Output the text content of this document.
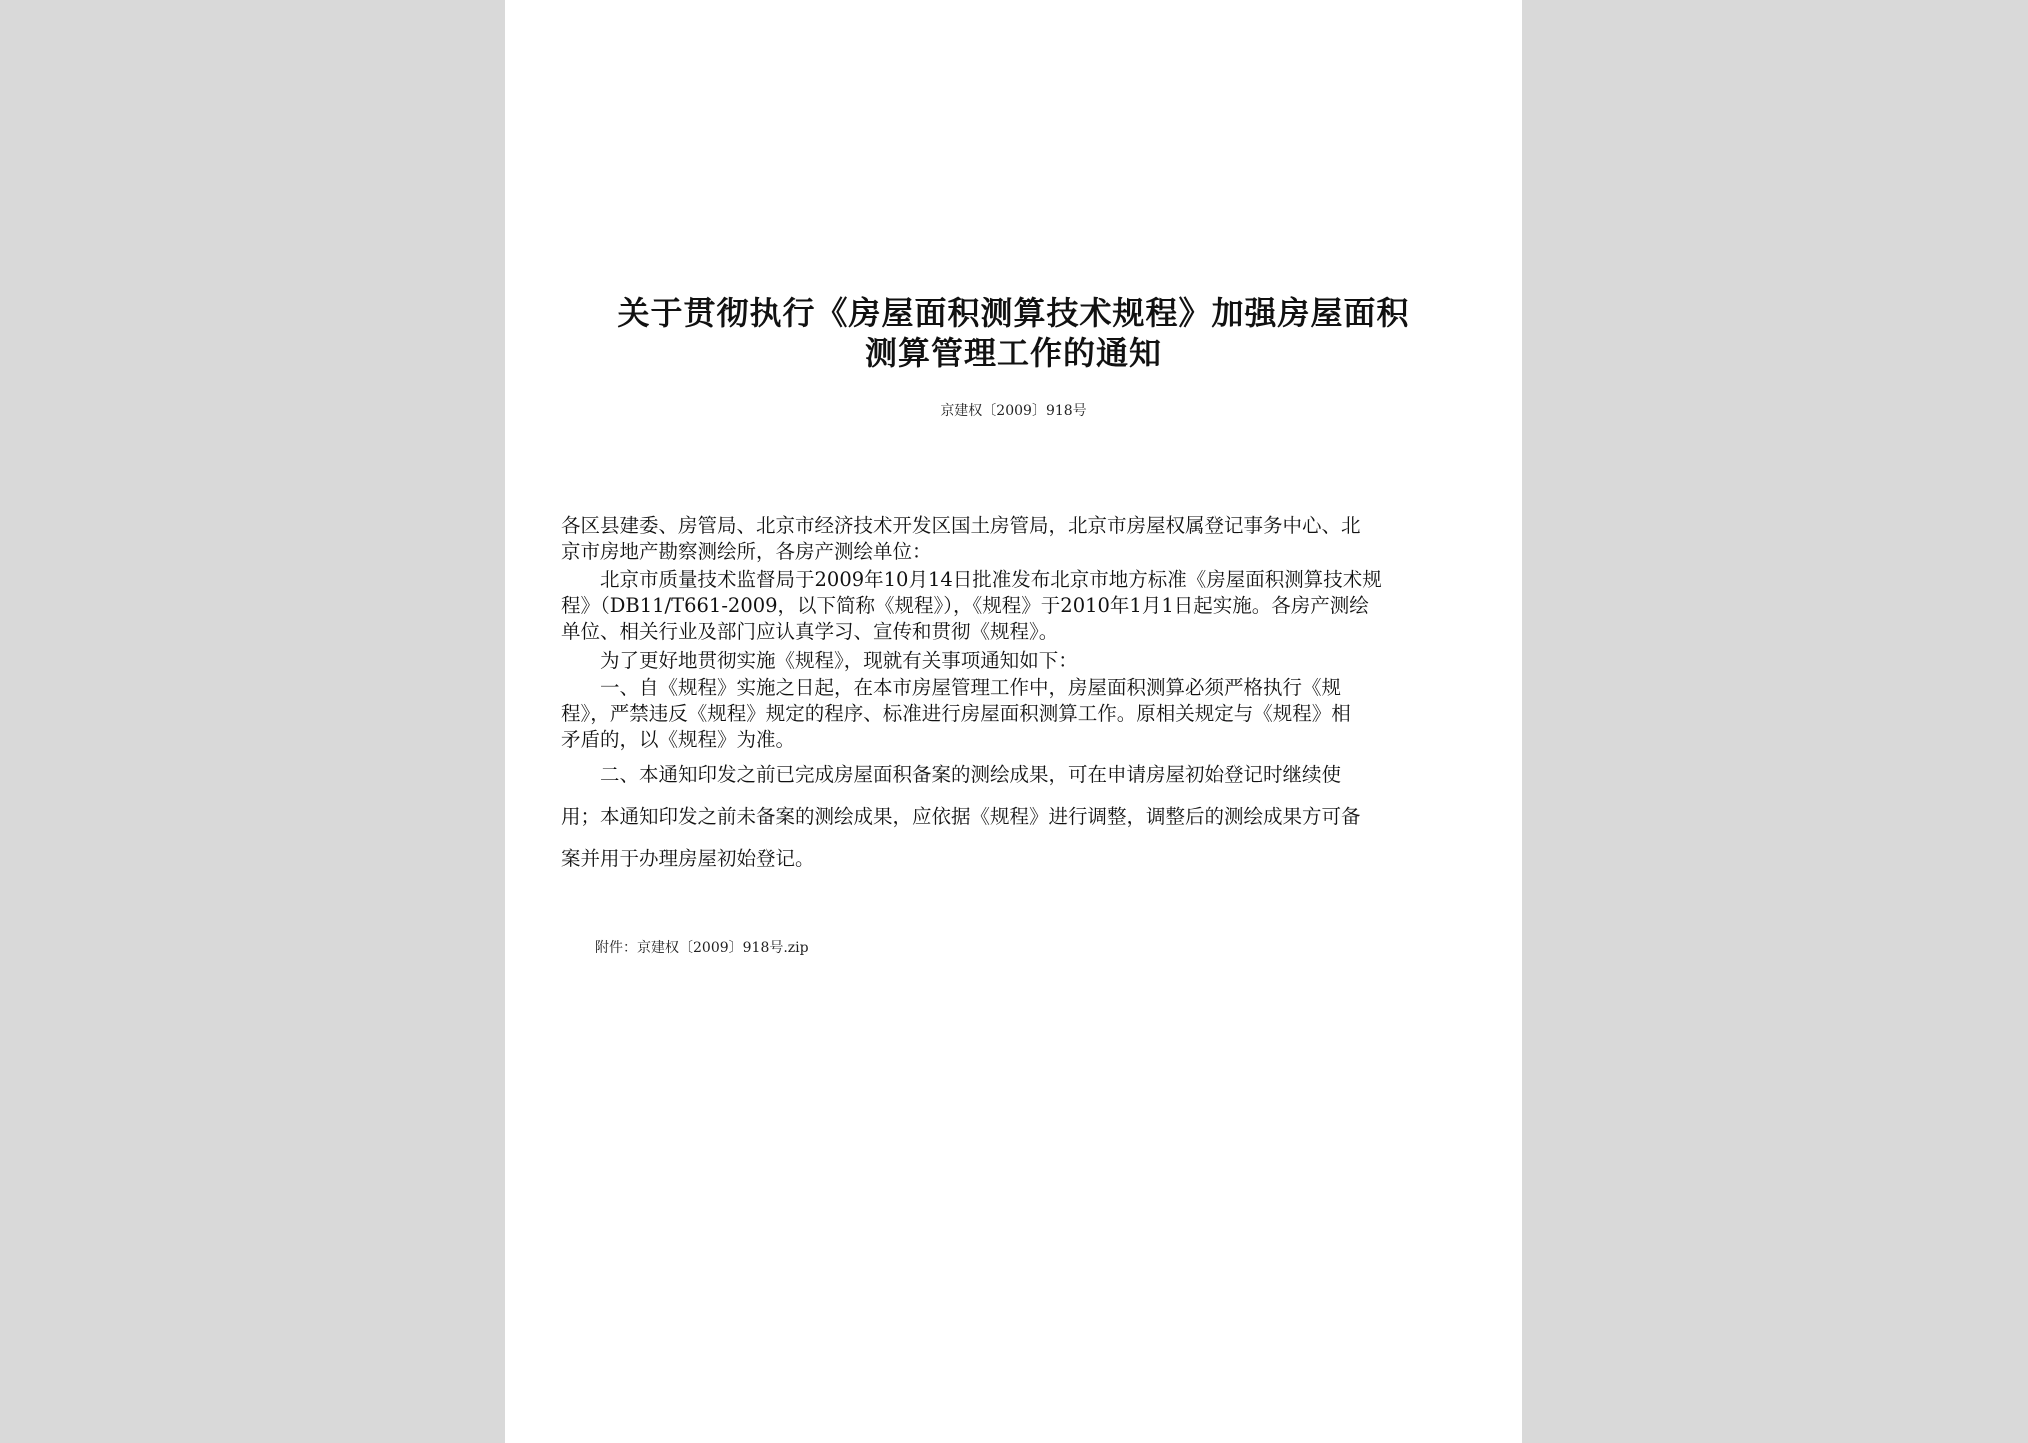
关于贯彻执行《房屋面积测算技术规程》加强房屋面积
测算管理工作的通知
京建权〔2009〕918号
各区县建委、房管局、北京市经济技术开发区国土房管局，北京市房屋权属登记事务中心、北
京市房地产勘察测绘所，各房产测绘单位：
　　北京市质量技术监督局于2009年10月14日批准发布北京市地方标准《房屋面积测算技术规
程》（DB11/T661-2009，以下简称《规程》），《规程》于2010年1月1日起实施。各房产测绘
单位、相关行业及部门应认真学习、宣传和贯彻《规程》。
　　为了更好地贯彻实施《规程》，现就有关事项通知如下：
　　一、自《规程》实施之日起，在本市房屋管理工作中，房屋面积测算必须严格执行《规
程》，严禁违反《规程》规定的程序、标准进行房屋面积测算工作。原相关规定与《规程》相
矛盾的，以《规程》为准。
　　二、本通知印发之前已完成房屋面积备案的测绘成果，可在申请房屋初始登记时继续使
用；本通知印发之前未备案的测绘成果，应依据《规程》进行调整，调整后的测绘成果方可备
案并用于办理房屋初始登记。
附件：京建权〔2009〕918号.zip
